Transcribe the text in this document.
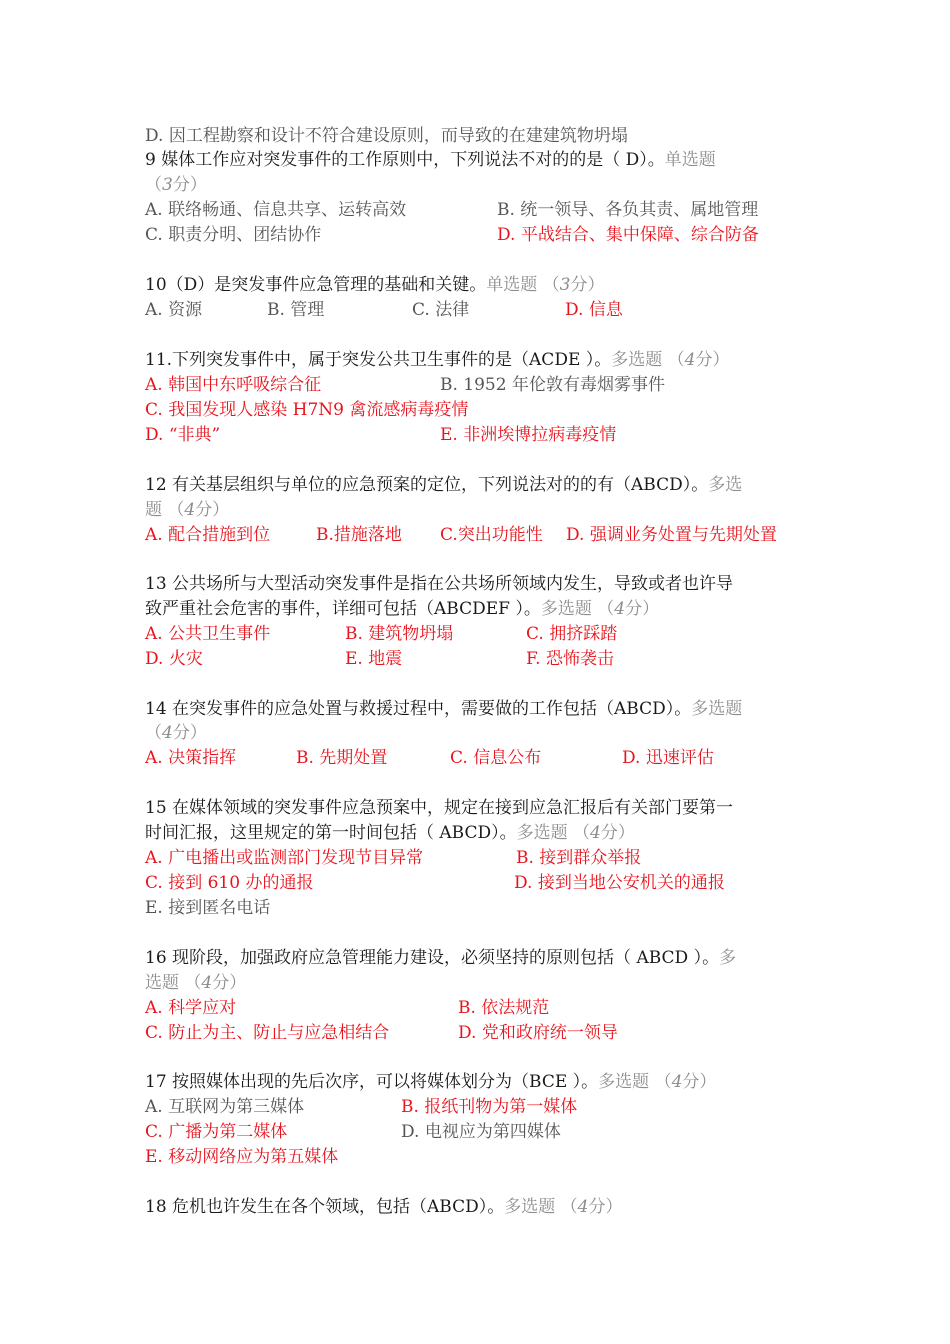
D. 因工程勘察和设计不符合建设原则，而导致的在建建筑物坍塌
9 媒体工作应对突发事件的工作原则中，下列说法不对的的是（ D）。单选题
（3分）
A. 联络畅通、信息共享、运转高效	B. 统一领导、各负其责、属地管理
C. 职责分明、团结协作	D. 平战结合、集中保障、综合防备
10（D）是突发事件应急管理的基础和关键。单选题 （3分）
A. 资源	B. 管理	C. 法律	D. 信息
11.下列突发事件中，属于突发公共卫生事件的是（ACDE ）。多选题 （4分）
A. 韩国中东呼吸综合征	B. 1952 年伦敦有毒烟雾事件
C. 我国发现人感染 H7N9 禽流感病毒疫情
D. “非典”	E. 非洲埃博拉病毒疫情
12 有关基层组织与单位的应急预案的定位，下列说法对的的有（ABCD）。多选
题 （4分）
A. 配合措施到位	B.措施落地 C.突出功能性 D. 强调业务处置与先期处置
13 公共场所与大型活动突发事件是指在公共场所领域内发生，导致或者也许导
致严重社会危害的事件，详细可包括（ABCDEF ）。多选题 （4分）
A. 公共卫生事件	B. 建筑物坍塌	C. 拥挤踩踏
D. 火灾	E. 地震	F. 恐怖袭击
14 在突发事件的应急处置与救援过程中，需要做的工作包括（ABCD）。多选题
（4分）
A. 决策指挥	B. 先期处置	C. 信息公布	D. 迅速评估
15 在媒体领域的突发事件应急预案中，规定在接到应急汇报后有关部门要第一
时间汇报，这里规定的第一时间包括（ ABCD）。多选题 （4分）
A. 广电播出或监测部门发现节目异常	B. 接到群众举报
C. 接到 610 办的通报	D. 接到当地公安机关的通报
E. 接到匿名电话
16 现阶段，加强政府应急管理能力建设，必须坚持的原则包括（ ABCD ）。多
选题 （4分）
A. 科学应对	B. 依法规范
C. 防止为主、防止与应急相结合	D. 党和政府统一领导
17 按照媒体出现的先后次序，可以将媒体划分为（BCE ）。多选题 （4分）
A. 互联网为第三媒体	B. 报纸刊物为第一媒体
C. 广播为第二媒体	D. 电视应为第四媒体
E. 移动网络应为第五媒体
18 危机也许发生在各个领域，包括（ABCD）。多选题 （4分）
